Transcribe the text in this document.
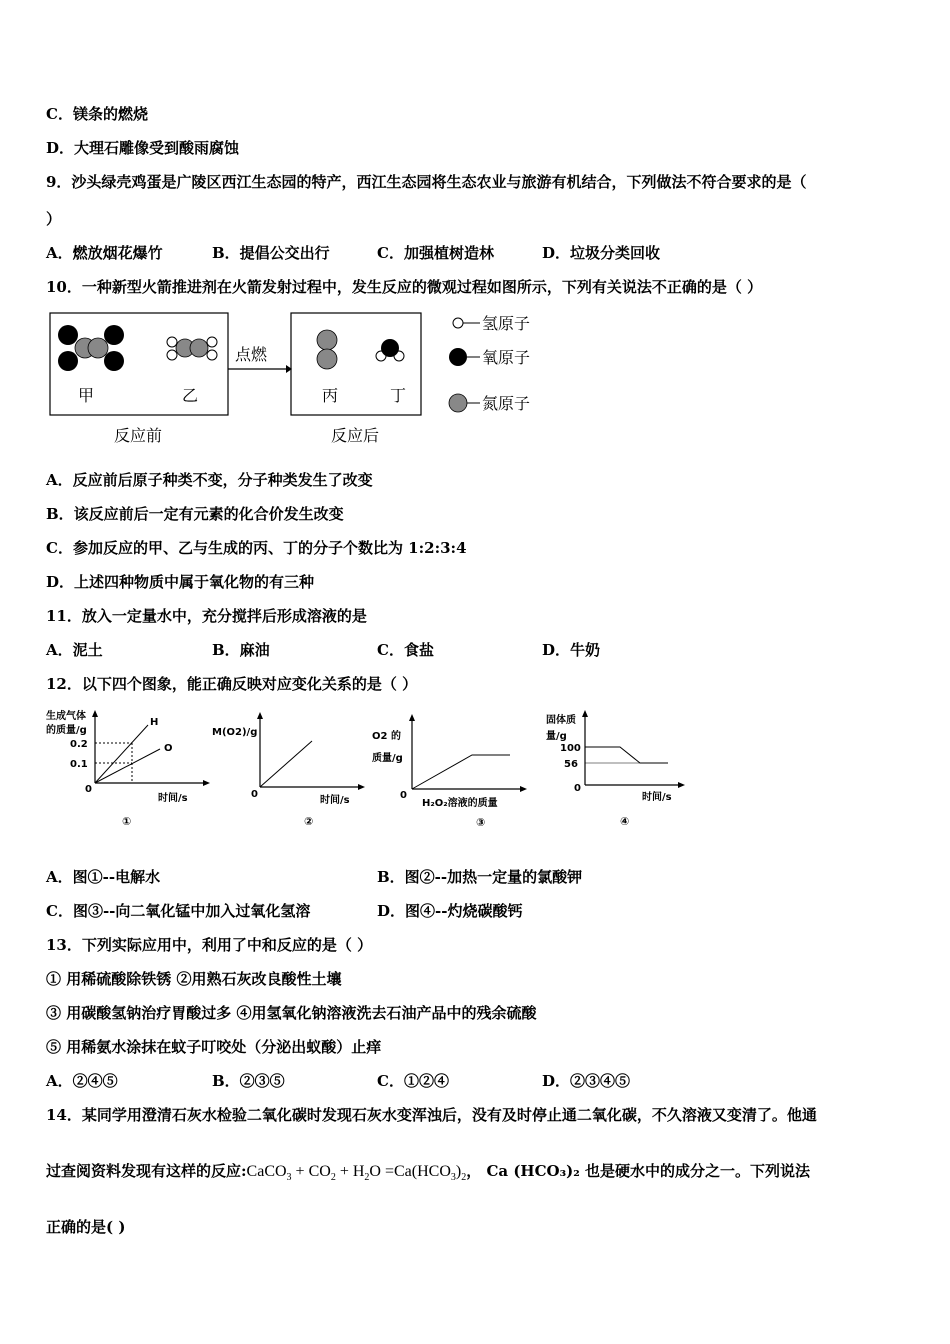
C．镁条的燃烧
D．大理石雕像受到酸雨腐蚀
9．沙头绿壳鸡蛋是广陵区西江生态园的特产，西江生态园将生态农业与旅游有机结合，下列做法不符合要求的是（
）
A．燃放烟花爆竹	B．提倡公交出行	C．加强植树造林	D．垃圾分类回收
10．一种新型火箭推进剂在火箭发射过程中，发生反应的微观过程如图所示，下列有关说法不正确的是（ ）
甲	乙
点燃
丙	丁
反应前	反应后
氢原子
氧原子
氮原子
A．反应前后原子种类不变，分子种类发生了改变
B．该反应前后一定有元素的化合价发生改变
C．参加反应的甲、乙与生成的丙、丁的分子个数比为 1:2:3:4
D．上述四种物质中属于氧化物的有三种
11．放入一定量水中，充分搅拌后形成溶液的是
A．泥土	B．麻油	C．食盐	D．牛奶
12．以下四个图象，能正确反映对应变化关系的是（ ）
生成气体
的质量/g
0.2
0.1
0
H
O
时间/s
①
M(O2)/g
0
时间/s
②
O2 的
质量/g
0
H₂O₂溶液的质量
③
固体质
量/g
100
56
0
时间/s
④
A．图①--电解水	B．图②--加热一定量的氯酸钾
C．图③--向二氧化锰中加入过氧化氢溶	D．图④--灼烧碳酸钙
13．下列实际应用中，利用了中和反应的是（ ）
① 用稀硫酸除铁锈 ②用熟石灰改良酸性土壤
③ 用碳酸氢钠治疗胃酸过多 ④用氢氧化钠溶液洗去石油产品中的残余硫酸
⑤ 用稀氨水涂抹在蚊子叮咬处（分泌出蚁酸）止痒
A．②④⑤	B．②③⑤	C．①②④	D．②③④⑤
14．某同学用澄清石灰水检验二氧化碳时发现石灰水变浑浊后，没有及时停止通二氧化碳，不久溶液又变清了。他通
过查阅资料发现有这样的反应:CaCO$_3$ + $CO_2 + H_2O =Ca(HCO_3)_2$， Ca (HCO₃)₂ 也是硬水中的成分之一。下列说法
正确的是( )
